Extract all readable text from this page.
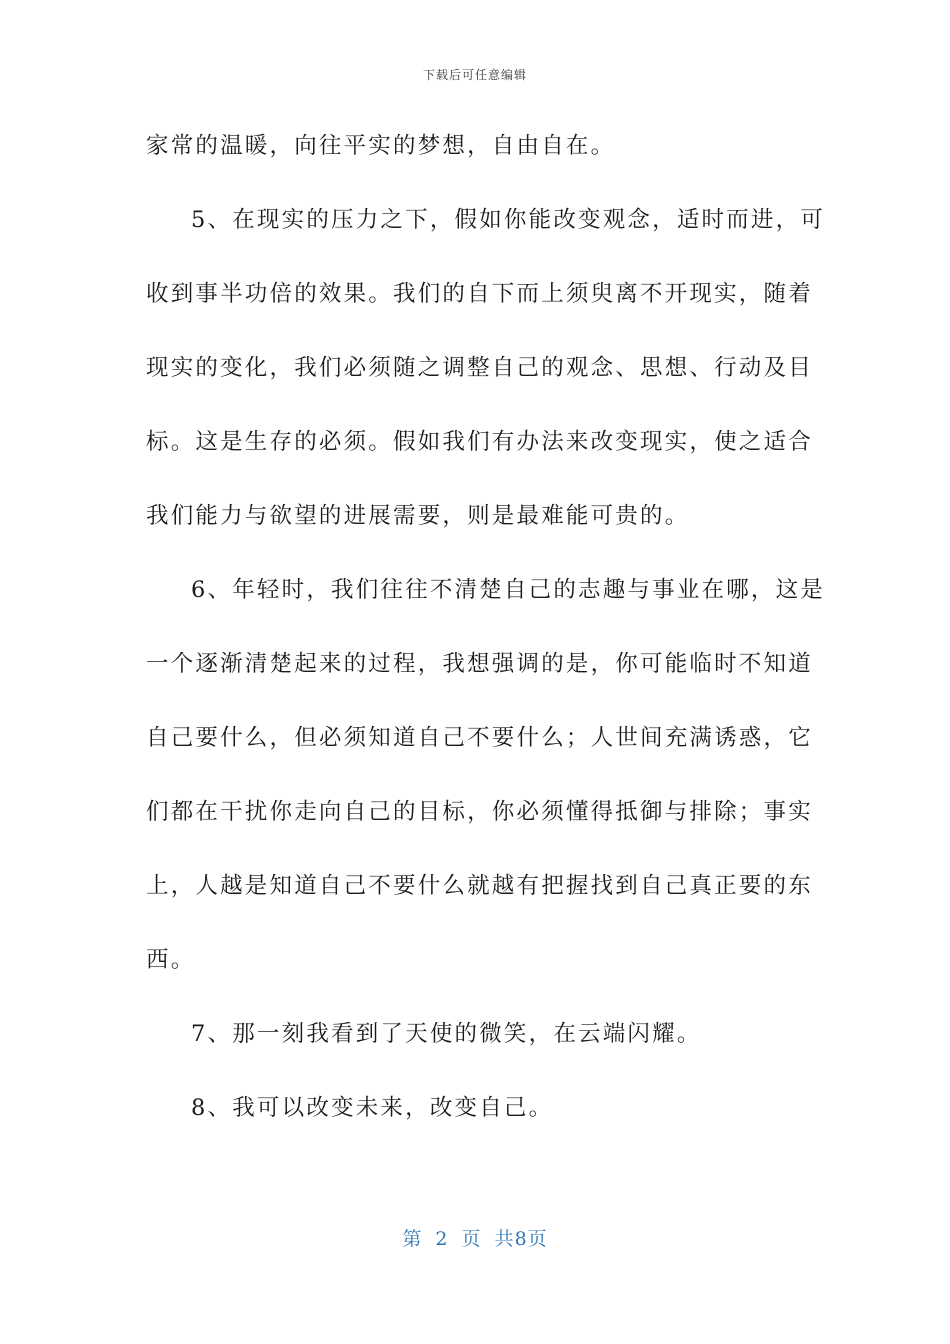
下载后可任意编辑
家常的温暖，向往平实的梦想，自由自在。
5、在现实的压力之下，假如你能改变观念，适时而进，可
收到事半功倍的效果。我们的自下而上须臾离不开现实，随着
现实的变化，我们必须随之调整自己的观念、思想、行动及目
标。这是生存的必须。假如我们有办法来改变现实，使之适合
我们能力与欲望的进展需要，则是最难能可贵的。
6、年轻时，我们往往不清楚自己的志趣与事业在哪，这是
一个逐渐清楚起来的过程，我想强调的是，你可能临时不知道
自己要什么，但必须知道自己不要什么；人世间充满诱惑，它
们都在干扰你走向自己的目标，你必须懂得抵御与排除；事实
上，人越是知道自己不要什么就越有把握找到自己真正要的东
西。
7、那一刻我看到了天使的微笑，在云端闪耀。
8、我可以改变未来，改变自己。
第 2 页 共8页
